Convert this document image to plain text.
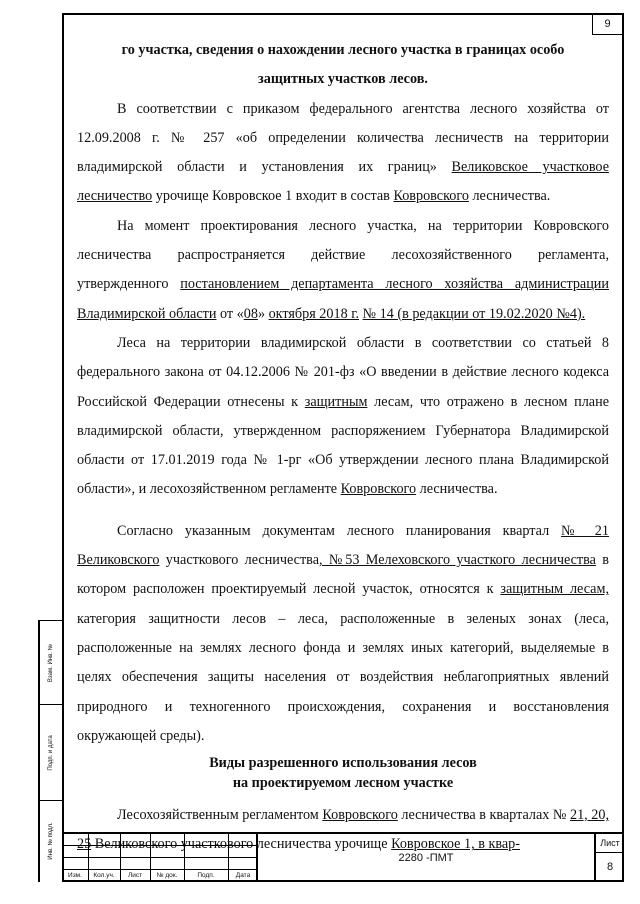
9
Взам. Инв. №
Подп. и дата
Инв. № подл.

го участка, сведения о нахождении лесного участка в границах особо

защитных участков лесов.

В соответствии с приказом федерального агентства лесного хозяйства от 12.09.2008 г. № 257 «об определении количества лесничеств на территории владимирской области и установления их границ» Великовское участковое лесничество урочище Ковровское 1 входит в состав Ковровского лесничества.

На момент проектирования лесного участка, на территории Ковровского лесничества распространяется действие лесохозяйственного регламента, утвержденного постановлением департамента лесного хозяйства администрации Владимирской области от «08» октября 2018 г. № 14 (в редакции от 19.02.2020 №4).

Леса на территории владимирской области в соответствии со статьей 8 федерального закона от 04.12.2006 № 201-фз «О введении в действие лесного кодекса Российской Федерации отнесены к защитным лесам, что отражено в лесном плане владимирской области, утвержденном распоряжением Губернатора Владимирской области от 17.01.2019 года № 1-рг «Об утверждении лесного плана Владимирской области», и лесохозяйственном регламенте Ковровского лесничества.

Согласно указанным документам лесного планирования квартал № 21 Великовского участкового лесничества, №53 Мелеховского участкого лесничества в котором расположен проектируемый лесной участок, относятся к защитным лесам, категория защитности лесов – леса, расположенные в зеленых зонах (леса, расположенные на землях лесного фонда и землях иных категорий, выделяемые в целях обеспечения защиты населения от воздействия неблагоприятных явлений природного и техногенного происхождения, сохранения и восстановления окружающей среды).

Виды разрешенного использования лесов
на проектируемом лесном участке

Лесохозяйственным регламентом Ковровского лесничества в кварталах № 21, 20, 25 Великовского участкового лесничества урочище Ковровское 1, в квар-

Изм.	Кол.уч.	Лист	№ док.	Подп.	Дата
2280 -ПМТ
Лист
8
